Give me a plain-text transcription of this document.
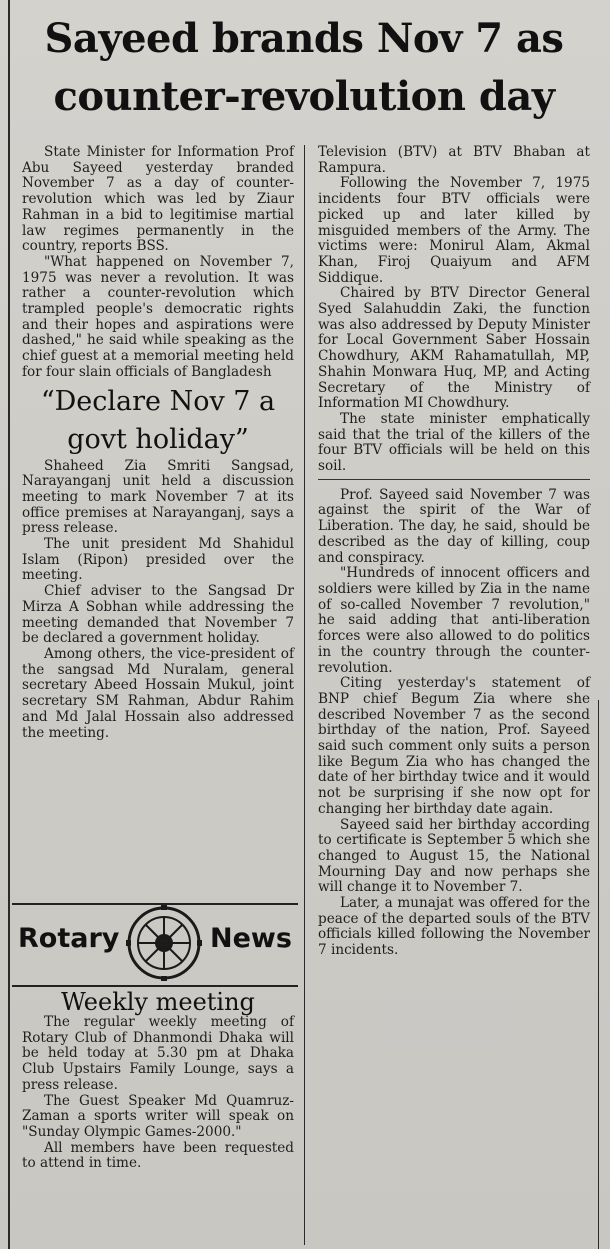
Sayeed brands Nov 7 as counter-revolution day

State Minister for Information Prof Abu Sayeed yesterday branded November 7 as a day of counter-revolution which was led by Ziaur Rahman in a bid to legitimise martial law regimes permanently in the country, reports BSS.

"What happened on November 7, 1975 was never a revolution. It was rather a counter-revolution which trampled people's democratic rights and their hopes and aspirations were dashed," he said while speaking as the chief guest at a memorial meeting held for four slain officials of Bangladesh

“Declare Nov 7 a govt holiday”

Shaheed Zia Smriti Sangsad, Narayanganj unit held a discussion meeting to mark November 7 at its office premises at Narayanganj, says a press release.

The unit president Md Shahidul Islam (Ripon) presided over the meeting.

Chief adviser to the Sangsad Dr Mirza A Sobhan while addressing the meeting demanded that November 7 be declared a government holiday.

Among others, the vice-president of the sangsad Md Nuralam, general secretary Abeed Hossain Mukul, joint secretary SM Rahman, Abdur Rahim and Md Jalal Hossain also addressed the meeting.

Rotary	News
Weekly meeting

The regular weekly meeting of Rotary Club of Dhanmondi Dhaka will be held today at 5.30 pm at Dhaka Club Upstairs Family Lounge, says a press release.

The Guest Speaker Md Quamruz-Zaman a sports writer will speak on "Sunday Olympic Games-2000."

All members have been requested to attend in time.

Television (BTV) at BTV Bhaban at Rampura.

Following the November 7, 1975 incidents four BTV officials were picked up and later killed by misguided members of the Army. The victims were: Monirul Alam, Akmal Khan, Firoj Quaiyum and AFM Siddique.

Chaired by BTV Director General Syed Salahuddin Zaki, the function was also addressed by Deputy Minister for Local Government Saber Hossain Chowdhury, AKM Rahamatullah, MP, Shahin Monwara Huq, MP, and Acting Secretary of the Ministry of Information MI Chowdhury.

The state minister emphatically said that the trial of the killers of the four BTV officials will be held on this soil.

Prof. Sayeed said November 7 was against the spirit of the War of Liberation. The day, he said, should be described as the day of killing, coup and conspiracy.

"Hundreds of innocent officers and soldiers were killed by Zia in the name of so-called November 7 revolution," he said adding that anti-liberation forces were also allowed to do politics in the country through the counter-revolution.

Citing yesterday's statement of BNP chief Begum Zia where she described November 7 as the second birthday of the nation, Prof. Sayeed said such comment only suits a person like Begum Zia who has changed the date of her birthday twice and it would not be surprising if she now opt for changing her birthday date again.

Sayeed said her birthday according to certificate is September 5 which she changed to August 15, the National Mourning Day and now perhaps she will change it to November 7.

Later, a munajat was offered for the peace of the departed souls of the BTV officials killed following the November 7 incidents.
